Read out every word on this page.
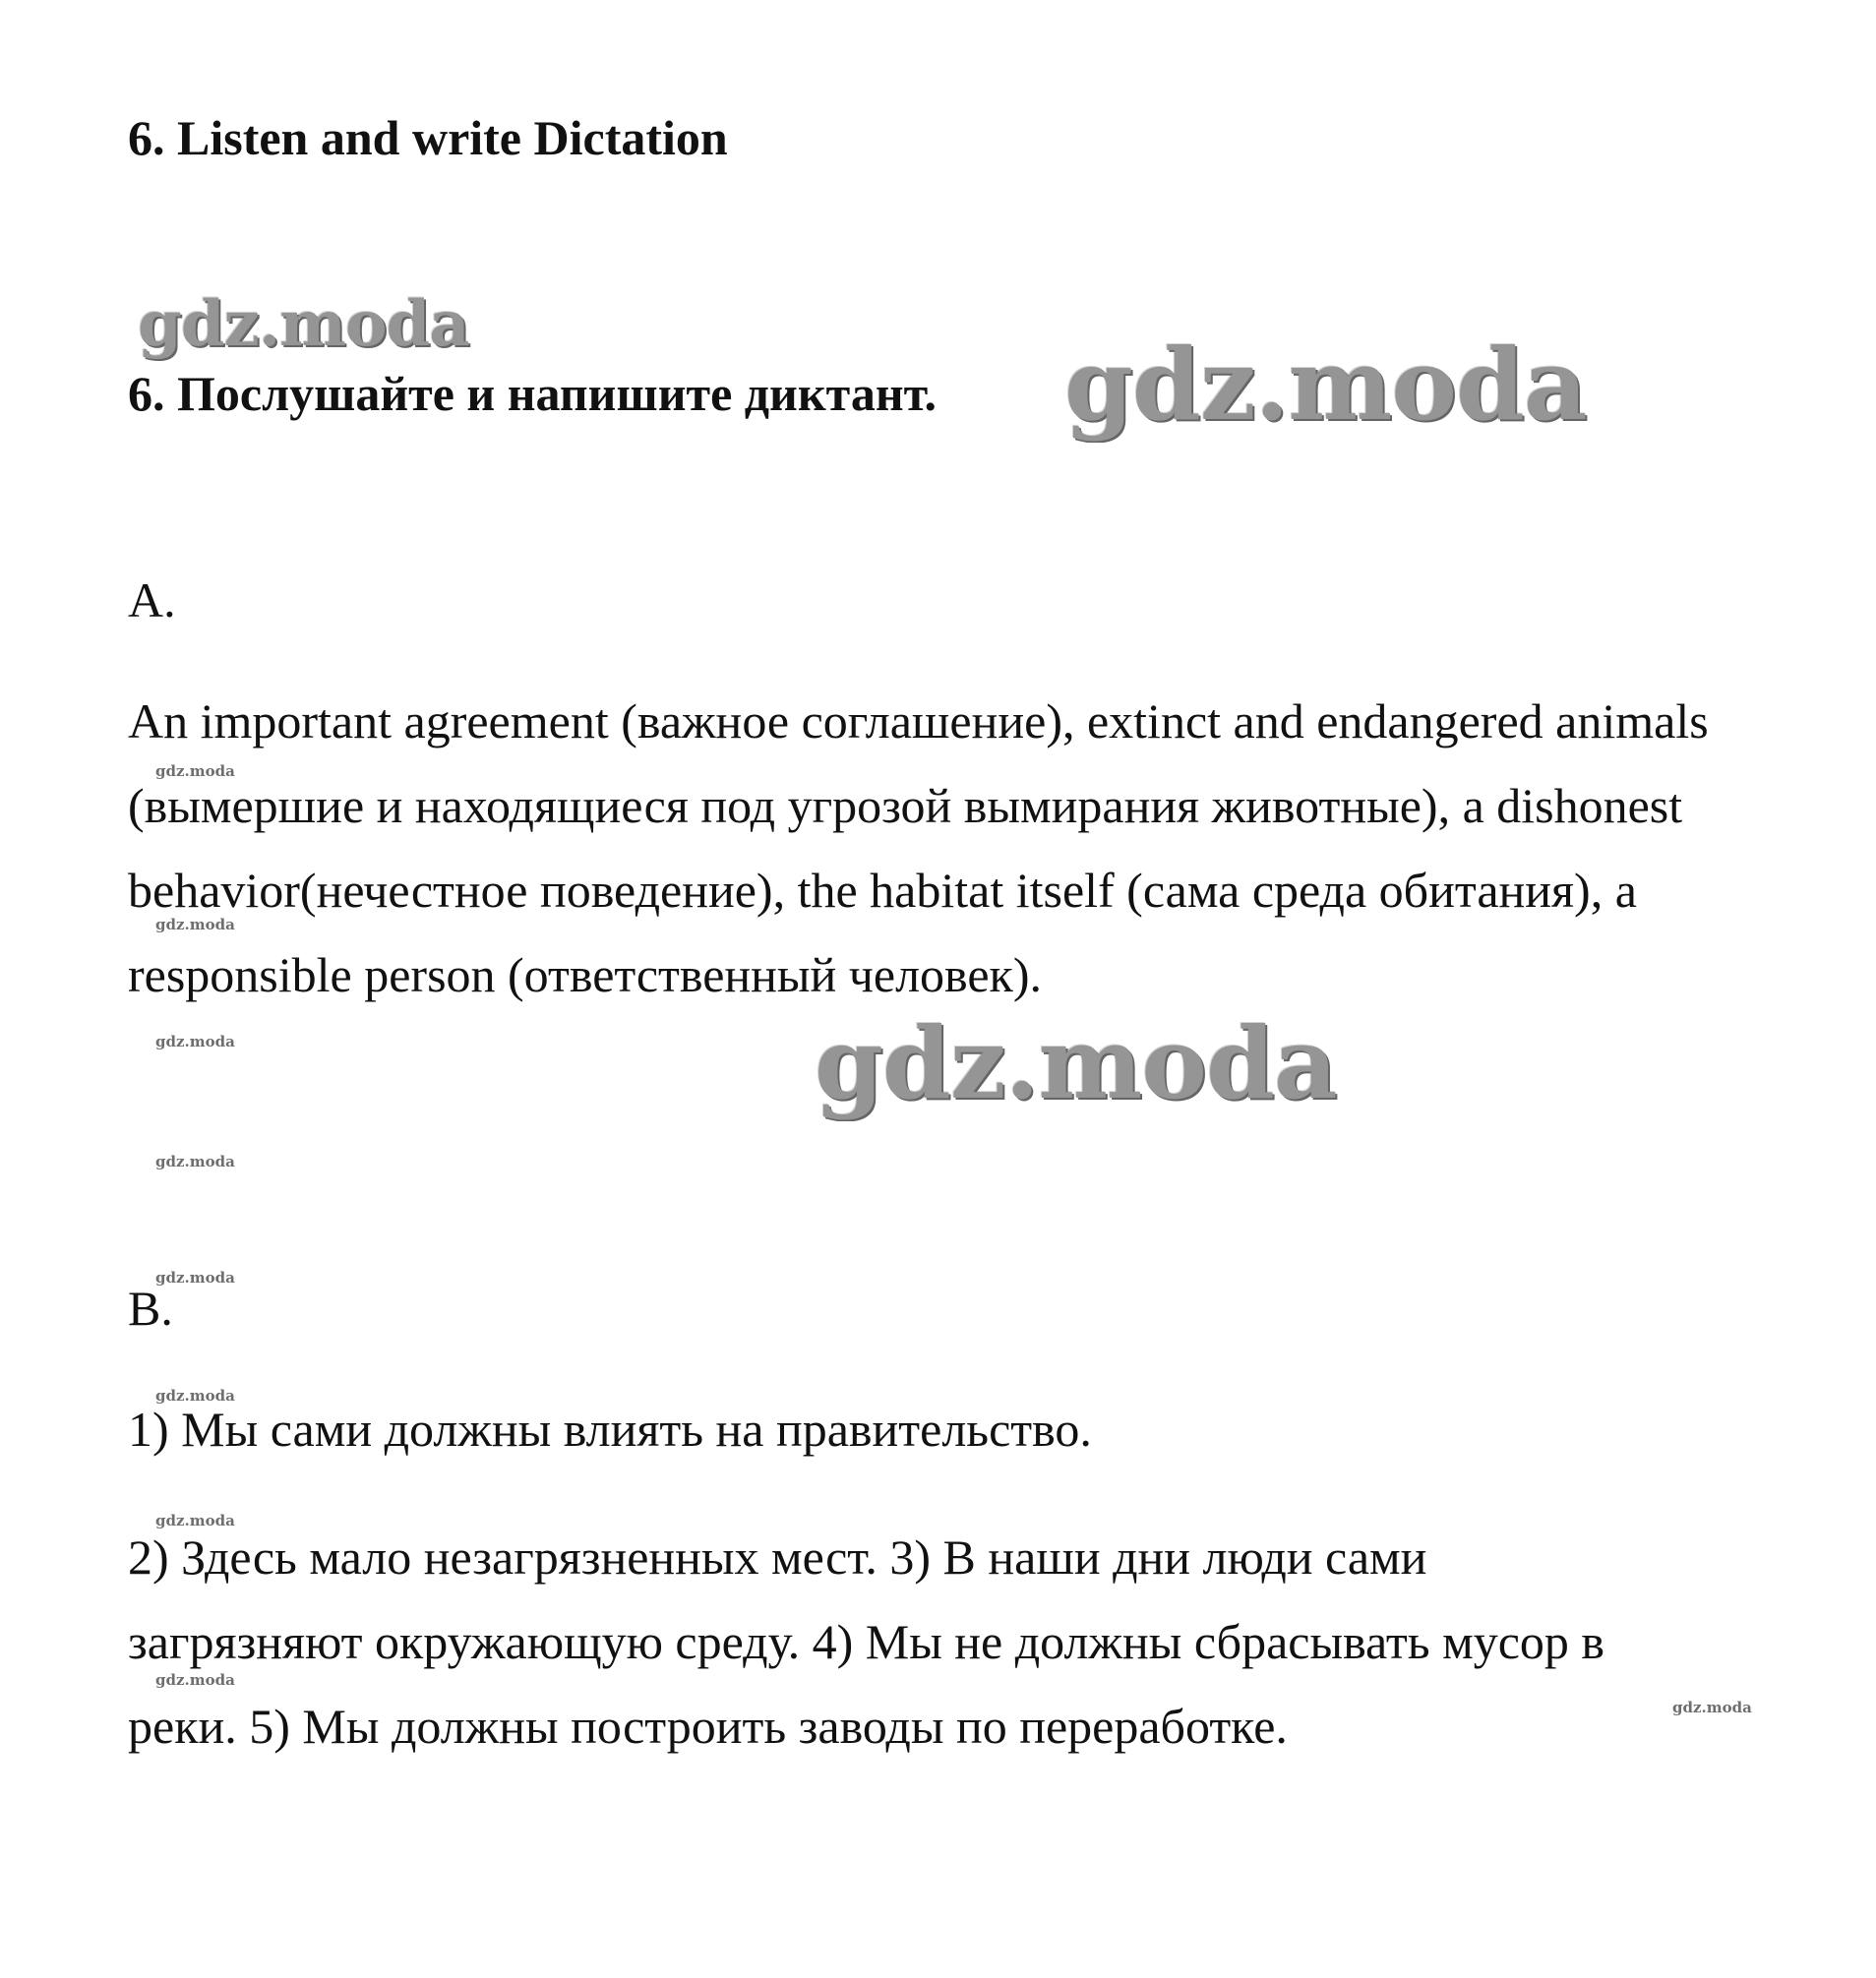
6. Listen and write Dictation
gdz.moda
6. Послушайте и напишите диктант. gdz.moda
A.
An important agreement (важное соглашение), extinct and endangered animals (вымершие и находящиеся под угрозой вымирания животные), a dishonest behavior(нечестное поведение), the habitat itself (сама среда обитания), a responsible person (ответственный человек).
gdz.moda
B.
1) Мы сами должны влиять на правительство.
2) Здесь мало незагрязненных мест. 3) В наши дни люди сами загрязняют окружающую среду. 4) Мы не должны сбрасывать мусор в реки. 5) Мы должны построить заводы по переработке.
gdz.moda
gdz.moda
gdz.moda
gdz.moda
gdz.moda
gdz.moda
gdz.moda
gdz.moda
gdz.moda
